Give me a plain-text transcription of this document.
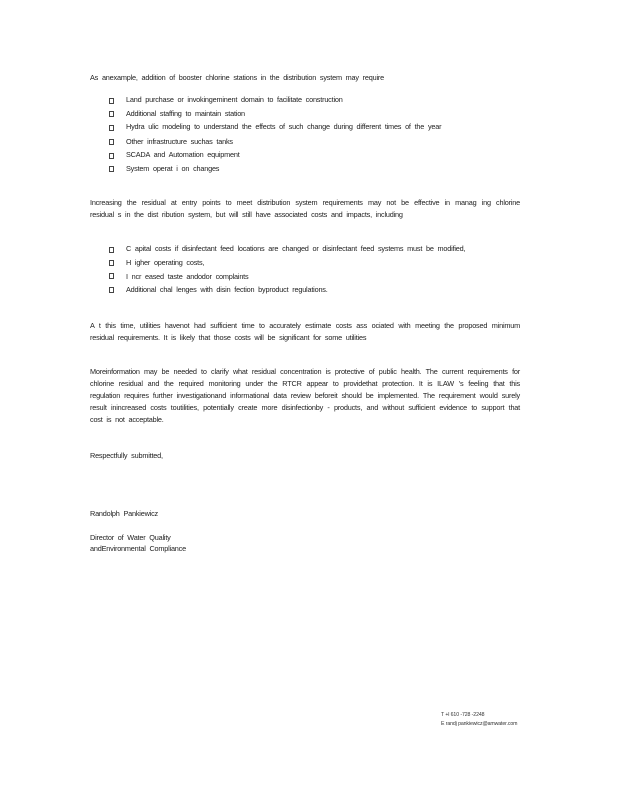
As anexample, addition of booster chlorine stations in the distribution system may require
Land purchase or invokingeminent domain to facilitate construction
Additional staffing to maintain station
Hydra ulic modeling to understand the effects of such change during different times of the year
Other infrastructure suchas tanks
SCADA and Automation equipment
System operat i on changes
Increasing the residual at entry points to meet distribution system requirements may not be effective in manag ing chlorine residual s in the dist ribution system, but will still have associated costs and impacts, including
C apital costs if disinfectant feed locations are changed or disinfectant feed systems must be modified,
H igher operating costs,
I ncr eased taste andodor complaints
Additional chal lenges with disin fection byproduct regulations.
A t this time, utilities havenot had sufficient time to accurately estimate costs ass ociated with meeting the proposed minimum residual requirements. It is likely that those costs will be significant for some utilities
Moreinformation may be needed to clarify what residual concentration is protective of public health. The current requirements for chlorine residual and the required monitoring under the RTCR appear to providethat protection. It is ILAW 's feeling that this regulation requires further investigationand informational data review beforeit should be implemented. The requirement would surely result inincreased costs toutilities, potentially create more disinfectionby - products, and without sufficient evidence to support that cost is not acceptable.
Respectfully submitted,
Randolph Pankiewicz
Director of Water Quality
andEnvironmental Compliance
T +l 610 -728 -2248
E randj pankiewicz@amwater.com
